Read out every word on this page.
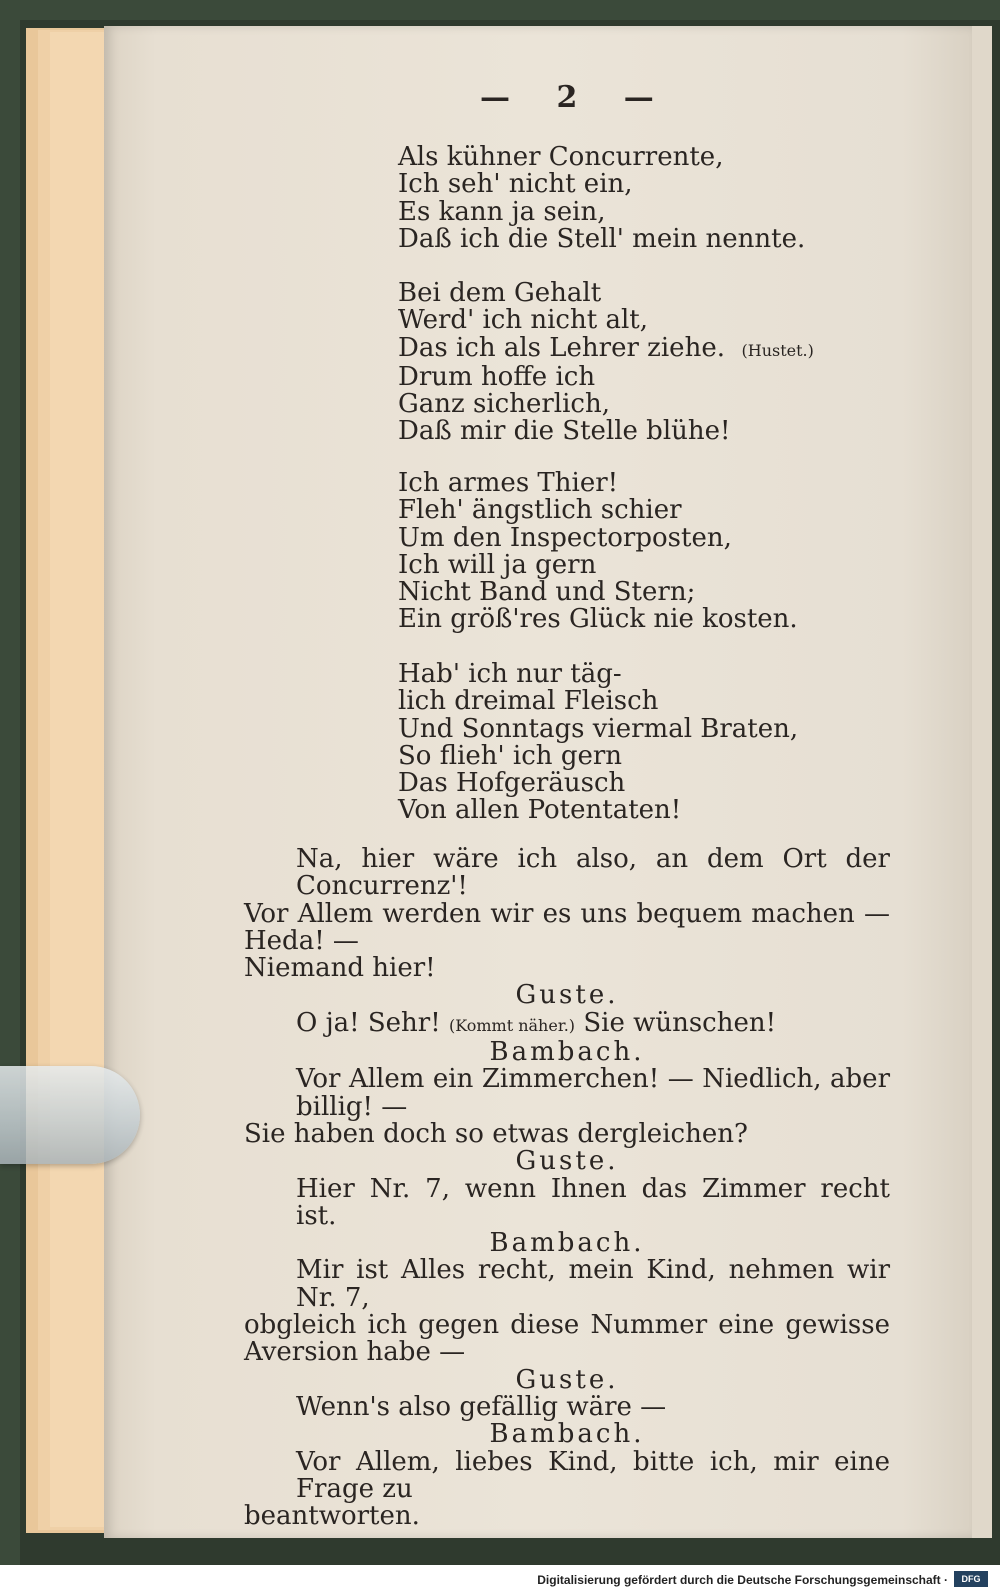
— 2 —
Als kühner Concurrente,
Ich seh' nicht ein,
Es kann ja sein,
Daß ich die Stell' mein nennte.
Bei dem Gehalt
Werd' ich nicht alt,
Das ich als Lehrer ziehe. (Hustet.)
Drum hoffe ich
Ganz sicherlich,
Daß mir die Stelle blühe!
Ich armes Thier!
Fleh' ängstlich schier
Um den Inspectorposten,
Ich will ja gern
Nicht Band und Stern;
Ein größ'res Glück nie kosten.
Hab' ich nur täg-
lich dreimal Fleisch
Und Sonntags viermal Braten,
So flieh' ich gern
Das Hofgeräusch
Von allen Potentaten!
Na, hier wäre ich also, an dem Ort der Concurrenz'!
Vor Allem werden wir es uns bequem machen — Heda! —
Niemand hier!
Guste.
O ja! Sehr! (Kommt näher.) Sie wünschen!
Bambach.
Vor Allem ein Zimmerchen! — Niedlich, aber billig! —
Sie haben doch so etwas dergleichen?
Guste.
Hier Nr. 7, wenn Ihnen das Zimmer recht ist.
Bambach.
Mir ist Alles recht, mein Kind, nehmen wir Nr. 7,
obgleich ich gegen diese Nummer eine gewisse Aversion habe —
Guste.
Wenn's also gefällig wäre —
Bambach.
Vor Allem, liebes Kind, bitte ich, mir eine Frage zu
beantworten.
Digitalisierung gefördert durch die Deutsche Forschungsgemeinschaft ·	DFG
